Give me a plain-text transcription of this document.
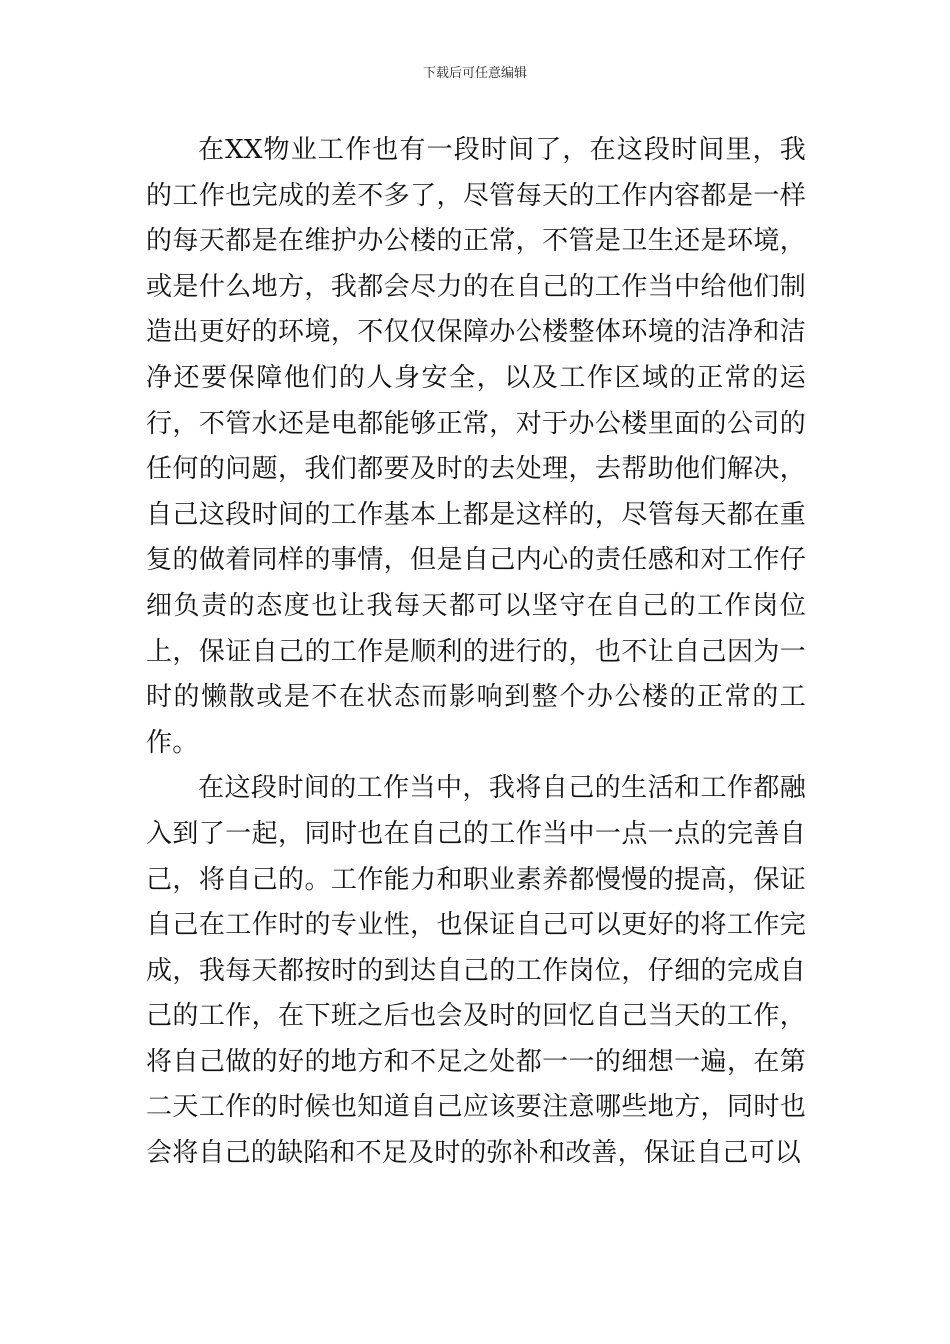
下载后可任意编辑

在XX物业工作也有一段时间了，在这段时间里，我的工作也完成的差不多了，尽管每天的工作内容都是一样的每天都是在维护办公楼的正常，不管是卫生还是环境，或是什么地方，我都会尽力的在自己的工作当中给他们制造出更好的环境，不仅仅保障办公楼整体环境的洁净和洁净还要保障他们的人身安全，以及工作区域的正常的运行，不管水还是电都能够正常，对于办公楼里面的公司的任何的问题，我们都要及时的去处理，去帮助他们解决，自己这段时间的工作基本上都是这样的，尽管每天都在重复的做着同样的事情，但是自己内心的责任感和对工作仔细负责的态度也让我每天都可以坚守在自己的工作岗位上，保证自己的工作是顺利的进行的，也不让自己因为一时的懒散或是不在状态而影响到整个办公楼的正常的工作。

在这段时间的工作当中，我将自己的生活和工作都融入到了一起，同时也在自己的工作当中一点一点的完善自己，将自己的。工作能力和职业素养都慢慢的提高，保证自己在工作时的专业性，也保证自己可以更好的将工作完成，我每天都按时的到达自己的工作岗位，仔细的完成自己的工作，在下班之后也会及时的回忆自己当天的工作，将自己做的好的地方和不足之处都一一的细想一遍，在第二天工作的时候也知道自己应该要注意哪些地方，同时也会将自己的缺陷和不足及时的弥补和改善，保证自己可以
